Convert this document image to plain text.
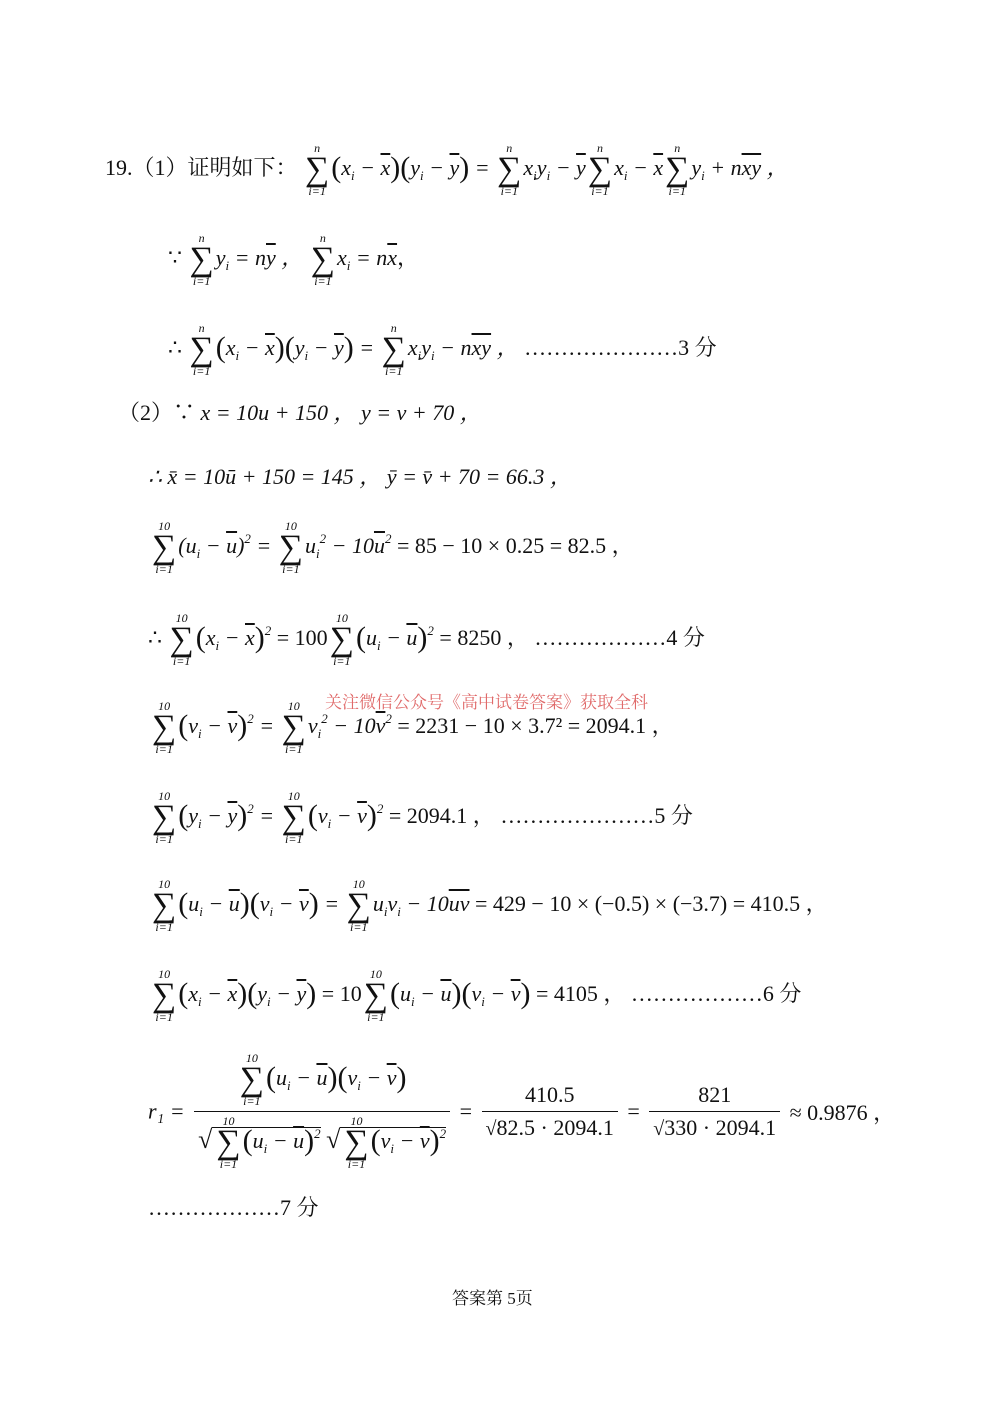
19.（1）证明如下：
n
∑
i=1
$(x_i - \overline{x})(y_i - \overline{y})$ =
n
∑
i=1
$x_iy_i - \overline{y}$
n
∑
i=1
$x_i - \overline{x}$
n
∑
i=1
$y_i + n\overline{xy}$ ，
∵
n
∑
i=1
$y_i = n\overline{y}$ ，
n
∑
i=1
$x_i = n\overline{x}$，
∴
n
∑
i=1
$(x_i - \overline{x})(y_i - \overline{y})$ =
n
∑
i=1
$x_iy_i - n\overline{xy}$ ， …………………3 分
（2）∵ x = 10u + 150 ， y = v + 70 ，
∴ x̄ = 10ū + 150 = 145 ， ȳ = v̄ + 70 = 66.3 ，
10
∑
i=1
$(u_i - \overline{u})^2$ =
10
∑
i=1
$u_i^2 - 10\overline{u}^2 = 85 - 10 \times 0.25 = 82.5$ ，
∴
10
∑
i=1
$(x_i - \overline{x})^2 = 100$
10
∑
i=1
$(u_i - \overline{u})^2 = 8250$ ， ………………4 分
关注微信公众号《高中试卷答案》获取全科
10
∑
i=1
$(v_i - \overline{v})^2$ =
10
∑
i=1
$v_i^2 - 10\overline{v}^2 = 2231 - 10 \times 3.7^2 = 2094.1$ ，
10
∑
i=1
$(y_i - \overline{y})^2$ =
10
∑
i=1
$(v_i - \overline{v})^2 = 2094.1$ ， …………………5 分
10
∑
i=1
$(u_i - \overline{u})(v_i - \overline{v})$ =
10
∑
i=1
$u_iv_i - 10\overline{uv} = 429 - 10 \times (-0.5) \times (-3.7) = 410.5$ ，
10
∑
i=1
$(x_i - \overline{x})(y_i - \overline{y}) = 10$
10
∑
i=1
$(u_i - \overline{u})(v_i - \overline{v}) = 4105$ ， ………………6 分
r₁ = 10
∑
i=1
$(u_i - \overline{u})(v_i - \overline{v})$
√
10
∑
i=1
$(u_i - \overline{u})^2$ √
10
∑
i=1
$(v_i - \overline{v})^2 = \frac{410.5}{√82.5 \cdot 2094.1} = \frac{821}{√330 \cdot 2094.1} \approx 0.9876$ ，
………………7 分
答案第 5页
